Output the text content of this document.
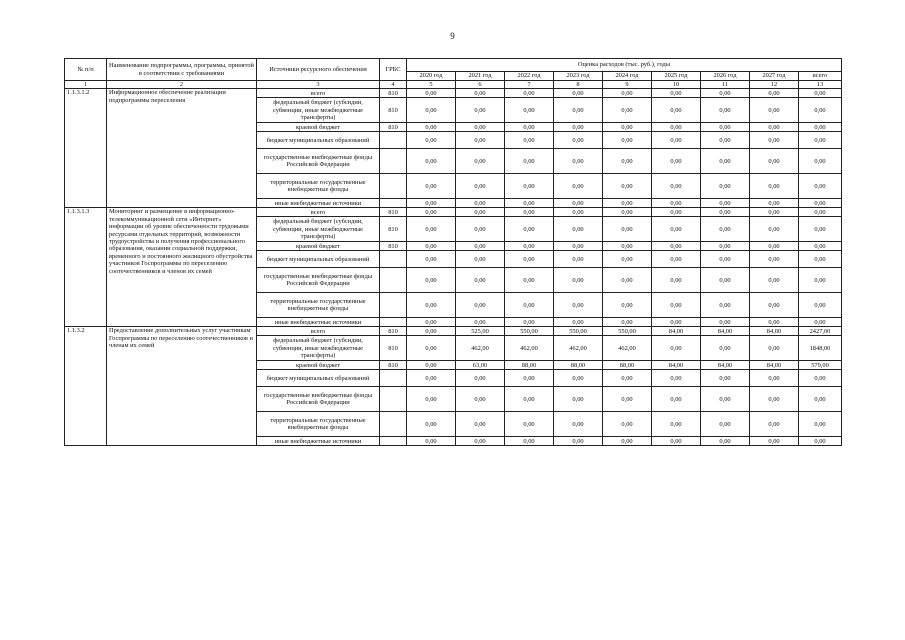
9
№ п/п	Наименование подпрограммы, программы, принятой в соответствии с требованиями	Источники ресурсного обеспечения	ГРБС	Оценка расходов (тыс. руб.), годы								
				2020 год	2021 год	2022 год	2023 год	2024 год	2025 год	2026 год	2027 год	всего
1	2	3	4	5	6	7	8	9	10	11	12	13
1.1.3.1.2	Информационное обеспечение реализации подпрограммы переселения	всего	810	0,00	0,00	0,00	0,00	0,00	0,00	0,00	0,00	0,00
		федеральный бюджет (субсидии, субвенции, иные межбюджетные трансферты)	810	0,00	0,00	0,00	0,00	0,00	0,00	0,00	0,00	0,00
		краевой бюджет	810	0,00	0,00	0,00	0,00	0,00	0,00	0,00	0,00	0,00
		бюджет муниципальных образований		0,00	0,00	0,00	0,00	0,00	0,00	0,00	0,00	0,00
		государственные внебюджетные фонды Российской Федерации		0,00	0,00	0,00	0,00	0,00	0,00	0,00	0,00	0,00
		территориальные государственные внебюджетные фонды		0,00	0,00	0,00	0,00	0,00	0,00	0,00	0,00	0,00
		иные внебюджетные источники		0,00	0,00	0,00	0,00	0,00	0,00	0,00	0,00	0,00
1.1.3.1.3	Мониторинг и размещение в информационно-телекоммуникационной сети «Интернет» информации об уровне обеспеченности трудовыми ресурсами отдельных территорий, возможности трудоустройства и получения профессионального образования, оказании социальной поддержки, временного и постоянного жилищного обустройства участников Госпрограммы по переселению соотечественников и членов их семей	всего	810	0,00	0,00	0,00	0,00	0,00	0,00	0,00	0,00	0,00
		федеральный бюджет (субсидии, субвенции, иные межбюджетные трансферты)	810	0,00	0,00	0,00	0,00	0,00	0,00	0,00	0,00	0,00
		краевой бюджет	810	0,00	0,00	0,00	0,00	0,00	0,00	0,00	0,00	0,00
		бюджет муниципальных образований		0,00	0,00	0,00	0,00	0,00	0,00	0,00	0,00	0,00
		государственные внебюджетные фонды Российской Федерации		0,00	0,00	0,00	0,00	0,00	0,00	0,00	0,00	0,00
		территориальные государственные внебюджетные фонды		0,00	0,00	0,00	0,00	0,00	0,00	0,00	0,00	0,00
		иные внебюджетные источники		0,00	0,00	0,00	0,00	0,00	0,00	0,00	0,00	0,00
1.1.3.2	Предоставление дополнительных услуг участникам Госпрограммы по переселению соотечественников и членам их семей	всего	810	0,00	525,00	550,00	550,00	550,00	84,00	84,00	84,00	2427,00
		федеральный бюджет (субсидии, субвенции, иные межбюджетные трансферты)	810	0,00	462,00	462,00	462,00	462,00	0,00	0,00	0,00	1848,00
		краевой бюджет	810	0,00	63,00	88,00	88,00	88,00	84,00	84,00	84,00	579,00
		бюджет муниципальных образований		0,00	0,00	0,00	0,00	0,00	0,00	0,00	0,00	0,00
		государственные внебюджетные фонды Российской Федерации		0,00	0,00	0,00	0,00	0,00	0,00	0,00	0,00	0,00
		территориальные государственные внебюджетные фонды		0,00	0,00	0,00	0,00	0,00	0,00	0,00	0,00	0,00
		иные внебюджетные источники		0,00	0,00	0,00	0,00	0,00	0,00	0,00	0,00	0,00
